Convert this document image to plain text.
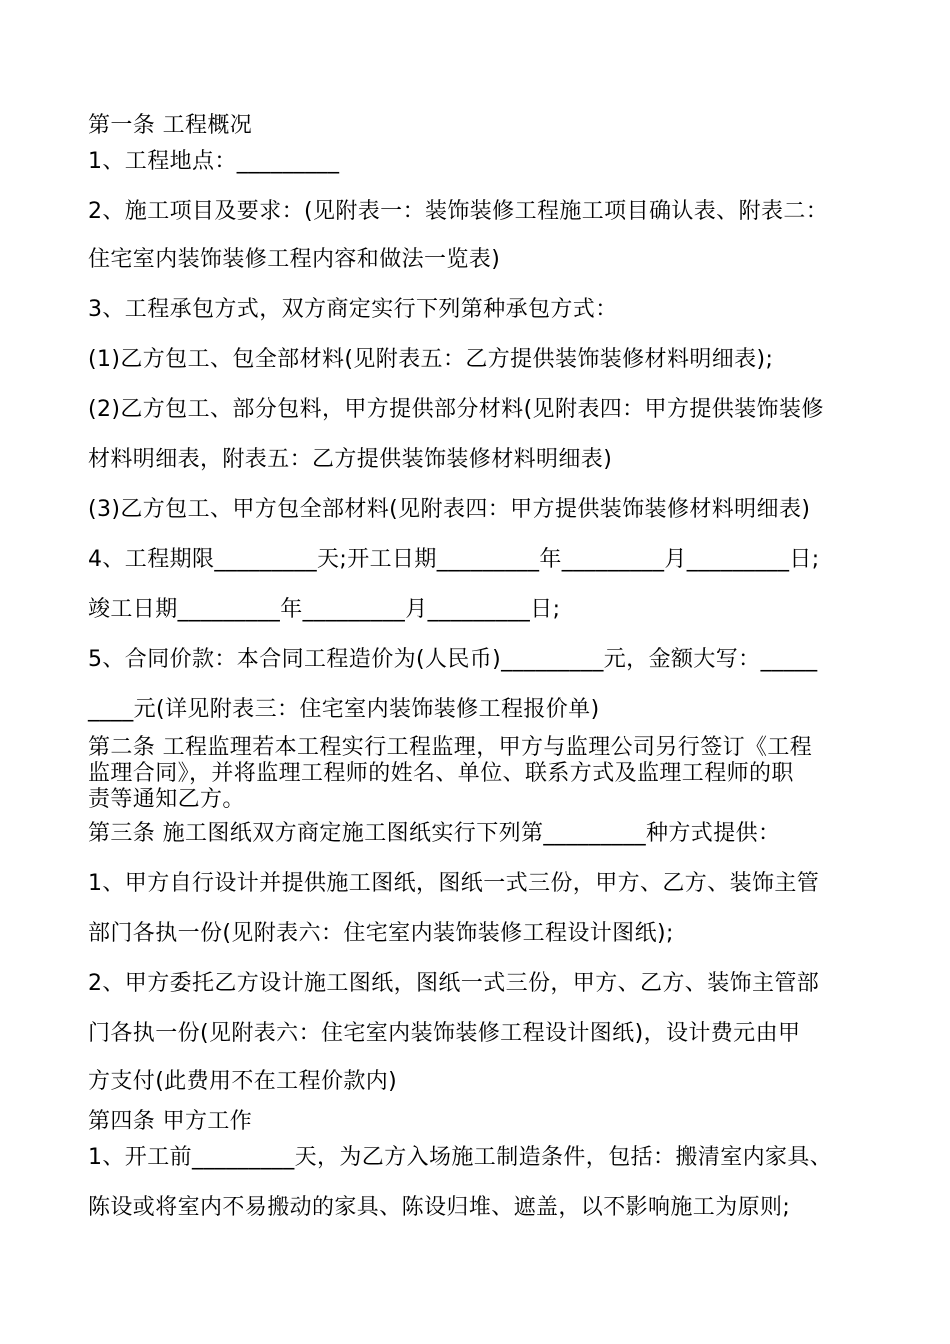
第一条 工程概况
1、工程地点：_________
2、施工项目及要求：(见附表一：装饰装修工程施工项目确认表、附表二：
住宅室内装饰装修工程内容和做法一览表)
3、工程承包方式，双方商定实行下列第种承包方式：
(1)乙方包工、包全部材料(见附表五：乙方提供装饰装修材料明细表);
(2)乙方包工、部分包料，甲方提供部分材料(见附表四：甲方提供装饰装修
材料明细表，附表五：乙方提供装饰装修材料明细表)
(3)乙方包工、甲方包全部材料(见附表四：甲方提供装饰装修材料明细表)
4、工程期限_________天;开工日期_________年_________月_________日;
竣工日期_________年_________月_________日;
5、合同价款：本合同工程造价为(人民币)_________元，金额大写：_____
____元(详见附表三：住宅室内装饰装修工程报价单)
第二条 工程监理若本工程实行工程监理，甲方与监理公司另行签订《工程
监理合同》，并将监理工程师的姓名、单位、联系方式及监理工程师的职
责等通知乙方。
第三条 施工图纸双方商定施工图纸实行下列第_________种方式提供：
1、甲方自行设计并提供施工图纸，图纸一式三份，甲方、乙方、装饰主管
部门各执一份(见附表六：住宅室内装饰装修工程设计图纸);
2、甲方委托乙方设计施工图纸，图纸一式三份，甲方、乙方、装饰主管部
门各执一份(见附表六：住宅室内装饰装修工程设计图纸)，设计费元由甲
方支付(此费用不在工程价款内)
第四条 甲方工作
1、开工前_________天，为乙方入场施工制造条件，包括：搬清室内家具、
陈设或将室内不易搬动的家具、陈设归堆、遮盖，以不影响施工为原则;
